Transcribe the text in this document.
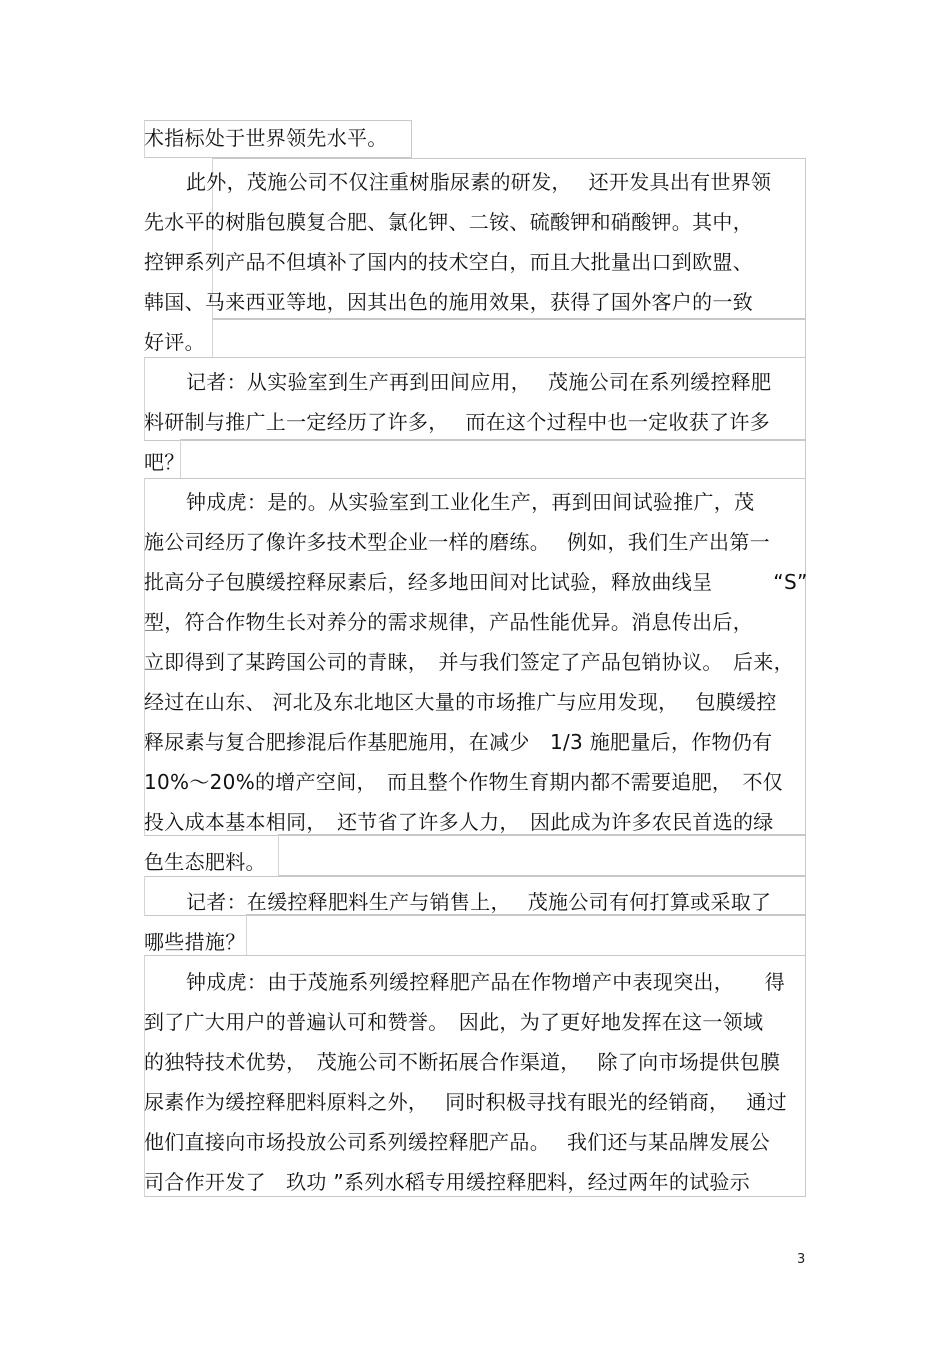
术指标处于世界领先水平。
此外，茂施公司不仅注重树脂尿素的研发，　 还开发具出有世界领
先水平的树脂包膜复合肥、氯化钾、二铵、硫酸钾和硝酸钾。其中，
控钾系列产品不但填补了国内的技术空白，而且大批量出口到欧盟、
韩国、马来西亚等地，因其出色的施用效果，获得了国外客户的一致
好评。
记者：从实验室到生产再到田间应用，　 茂施公司在系列缓控释肥
料研制与推广上一定经历了许多，　 而在这个过程中也一定收获了许多
吧？
钟成虎：是的。从实验室到工业化生产，再到田间试验推广，茂
施公司经历了像许多技术型企业一样的磨练。　 例如，我们生产出第一
批高分子包膜缓控释尿素后，经多地田间对比试验，释放曲线呈　　　“S”
型，符合作物生长对养分的需求规律，产品性能优异。消息传出后，
立即得到了某跨国公司的青睐，　并与我们签定了产品包销协议。　后来，
经过在山东、 河北及东北地区大量的市场推广与应用发现，　 包膜缓控
释尿素与复合肥掺混后作基肥施用，在减少　1/3 施肥量后，作物仍有
10%～20%的增产空间，　而且整个作物生育期内都不需要追肥，　不仅
投入成本基本相同，　还节省了许多人力，　因此成为许多农民首选的绿
色生态肥料。
记者：在缓控释肥料生产与销售上，　 茂施公司有何打算或采取了
哪些措施？
钟成虎：由于茂施系列缓控释肥产品在作物增产中表现突出，　　得
到了广大用户的普遍认可和赞誉。　因此，为了更好地发挥在这一领域
的独特技术优势，　茂施公司不断拓展合作渠道，　 除了向市场提供包膜
尿素作为缓控释肥料原料之外，　 同时积极寻找有眼光的经销商，　 通过
他们直接向市场投放公司系列缓控释肥产品。　 我们还与某品牌发展公
司合作开发了　玖功 ”系列水稻专用缓控释肥料，经过两年的试验示
3
